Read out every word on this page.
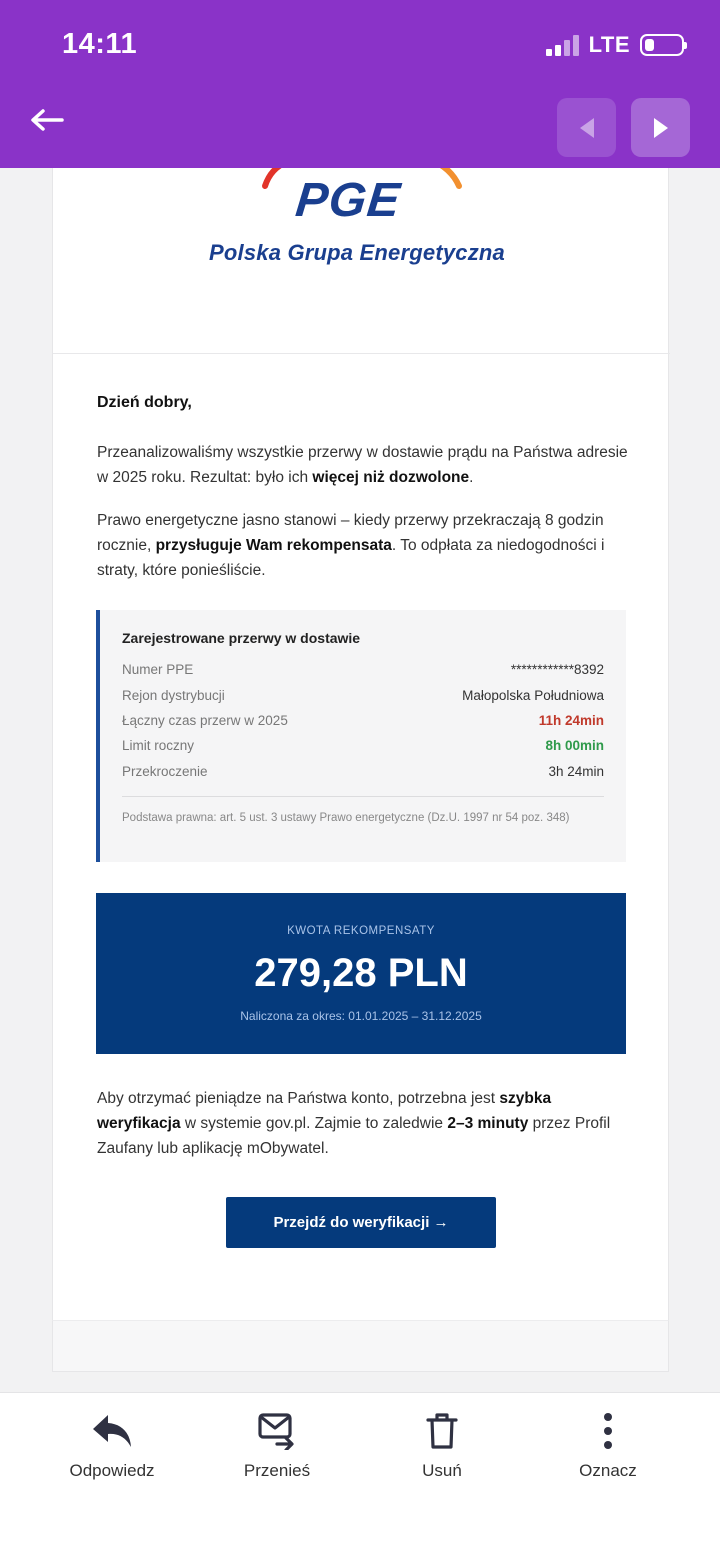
14:11	LTE
PGE
Polska Grupa Energetyczna
Dzień dobry,
Przeanalizowaliśmy wszystkie przerwy w dostawie prądu na Państwa adresie w 2025 roku. Rezultat: było ich więcej niż dozwolone.
Prawo energetyczne jasno stanowi – kiedy przerwy przekraczają 8 godzin rocznie, przysługuje Wam rekompensata. To odpłata za niedogodności i straty, które ponieśliście.
Zarejestrowane przerwy w dostawie
Numer PPE	************8392
Rejon dystrybucji	Małopolska Południowa
Łączny czas przerw w 2025	11h 24min
Limit roczny	8h 00min
Przekroczenie	3h 24min
Podstawa prawna: art. 5 ust. 3 ustawy Prawo energetyczne (Dz.U. 1997 nr 54 poz. 348)
KWOTA REKOMPENSATY
279,28 PLN
Naliczona za okres: 01.01.2025 – 31.12.2025
Aby otrzymać pieniądze na Państwa konto, potrzebna jest szybka weryfikacja w systemie gov.pl. Zajmie to zaledwie 2–3 minuty przez Profil Zaufany lub aplikację mObywatel.
Przejdź do weryfikacji →
Odpowiedz	Przenieś	Usuń	Oznacz
